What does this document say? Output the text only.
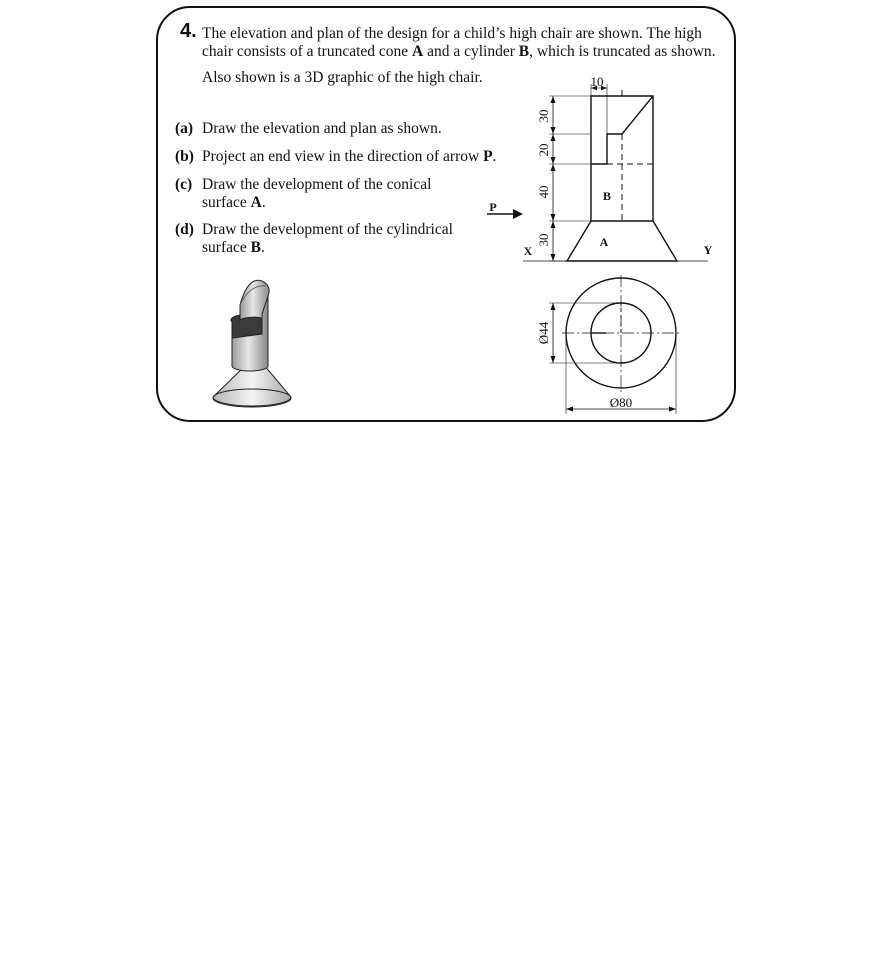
4. The elevation and plan of the design for a child’s high chair are shown. The high chair consists of a truncated cone A and a cylinder B, which is truncated as shown.

Also shown is a 3D graphic of the high chair.
(a) Draw the elevation and plan as shown.
(b) Project an end view in the direction of arrow P.
(c) Draw the development of the conical
surface A.
(d) Draw the development of the cylindrical
surface B.
10
30
20
40
30
B
A
X	Y
P
Ø44
Ø80
